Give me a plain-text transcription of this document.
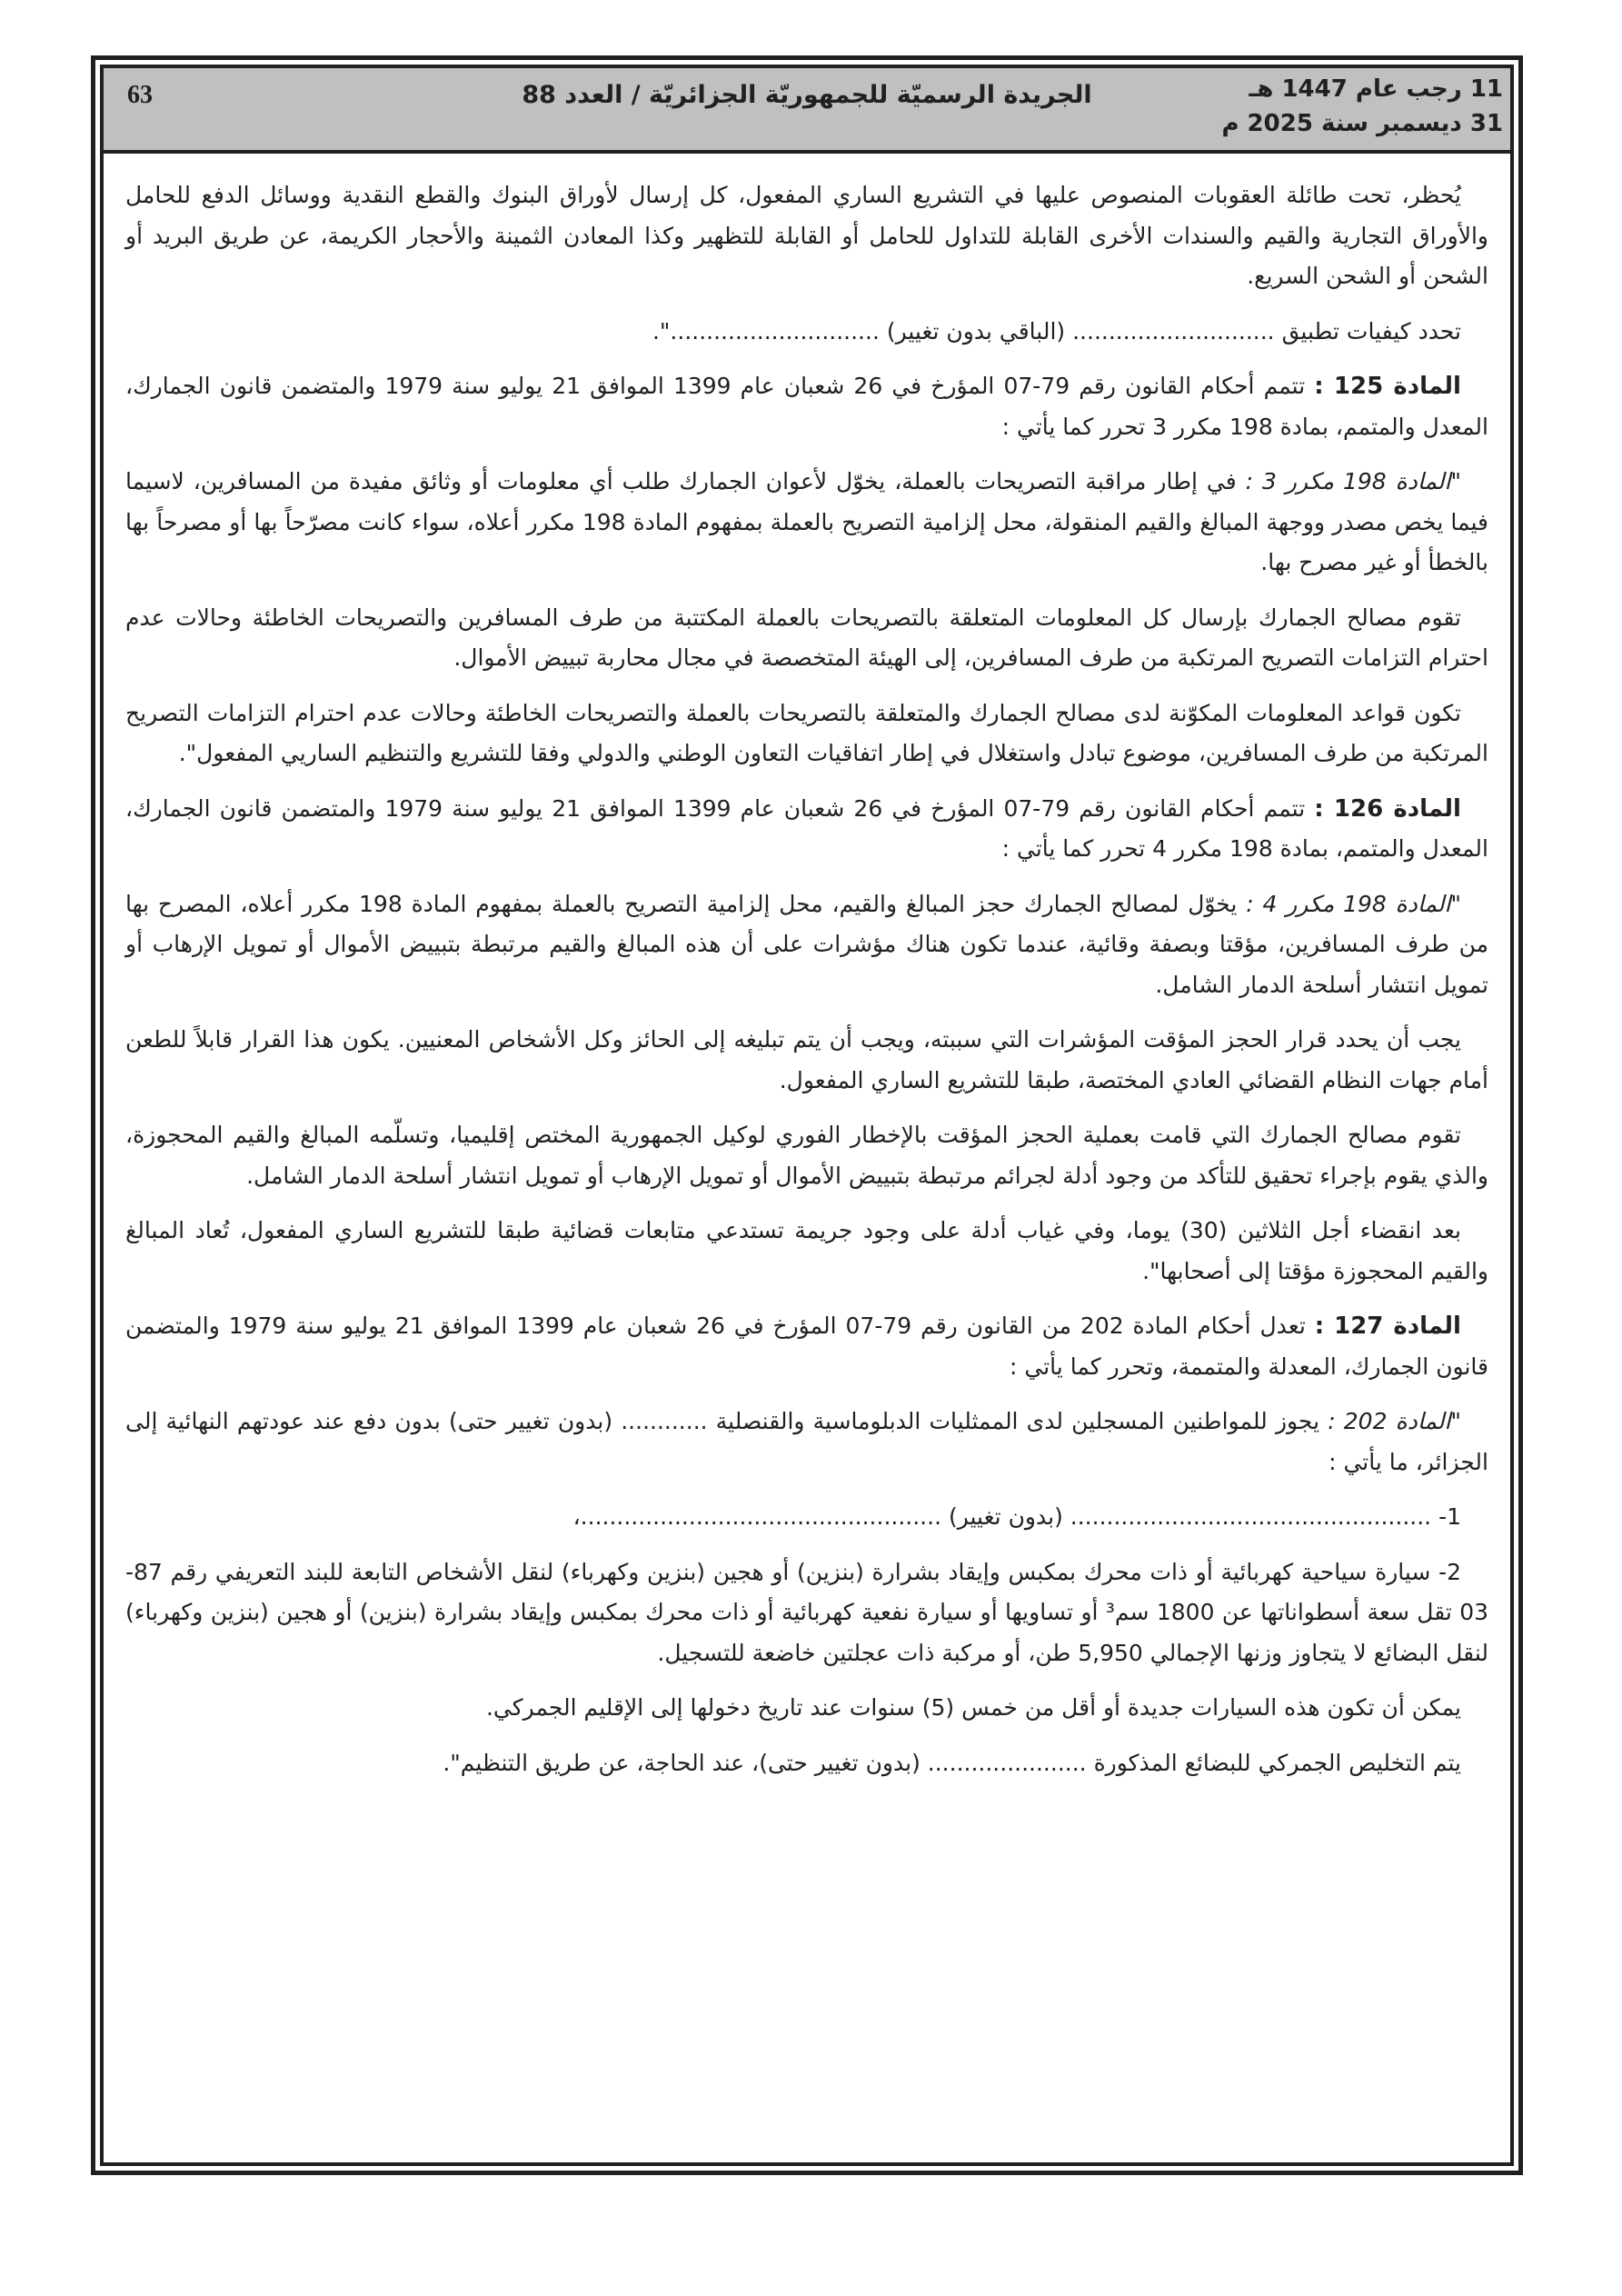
11 رجب عام 1447 هـ
31 ديسمبر سنة 2025 م
الجريدة الرسميّة للجمهوريّة الجزائريّة / العدد 88
63

يُحظر، تحت طائلة العقوبات المنصوص عليها في التشريع الساري المفعول، كل إرسال لأوراق البنوك والقطع النقدية ووسائل الدفع للحامل والأوراق التجارية والقيم والسندات الأخرى القابلة للتداول للحامل أو القابلة للتظهير وكذا المعادن الثمينة والأحجار الكريمة، عن طريق البريد أو الشحن أو الشحن السريع.

تحدد كيفيات تطبيق ............................ (الباقي بدون تغيير) .............................".

المادة 125 : تتمم أحكام القانون رقم 79-07 المؤرخ في 26 شعبان عام 1399 الموافق 21 يوليو سنة 1979 والمتضمن قانون الجمارك، المعدل والمتمم، بمادة 198 مكرر 3 تحرر كما يأتي :

"المادة 198 مكرر 3 : في إطار مراقبة التصريحات بالعملة، يخوّل لأعوان الجمارك طلب أي معلومات أو وثائق مفيدة من المسافرين، لاسيما فيما يخص مصدر ووجهة المبالغ والقيم المنقولة، محل إلزامية التصريح بالعملة بمفهوم المادة 198 مكرر أعلاه، سواء كانت مصرّحاً بها أو مصرحاً بها بالخطأ أو غير مصرح بها.

تقوم مصالح الجمارك بإرسال كل المعلومات المتعلقة بالتصريحات بالعملة المكتتبة من طرف المسافرين والتصريحات الخاطئة وحالات عدم احترام التزامات التصريح المرتكبة من طرف المسافرين، إلى الهيئة المتخصصة في مجال محاربة تبييض الأموال.

تكون قواعد المعلومات المكوّنة لدى مصالح الجمارك والمتعلقة بالتصريحات بالعملة والتصريحات الخاطئة وحالات عدم احترام التزامات التصريح المرتكبة من طرف المسافرين، موضوع تبادل واستغلال في إطار اتفاقيات التعاون الوطني والدولي وفقا للتشريع والتنظيم الساريي المفعول".

المادة 126 : تتمم أحكام القانون رقم 79-07 المؤرخ في 26 شعبان عام 1399 الموافق 21 يوليو سنة 1979 والمتضمن قانون الجمارك، المعدل والمتمم، بمادة 198 مكرر 4 تحرر كما يأتي :

"المادة 198 مكرر 4 : يخوّل لمصالح الجمارك حجز المبالغ والقيم، محل إلزامية التصريح بالعملة بمفهوم المادة 198 مكرر أعلاه، المصرح بها من طرف المسافرين، مؤقتا وبصفة وقائية، عندما تكون هناك مؤشرات على أن هذه المبالغ والقيم مرتبطة بتبييض الأموال أو تمويل الإرهاب أو تمويل انتشار أسلحة الدمار الشامل.

يجب أن يحدد قرار الحجز المؤقت المؤشرات التي سببته، ويجب أن يتم تبليغه إلى الحائز وكل الأشخاص المعنيين. يكون هذا القرار قابلاً للطعن أمام جهات النظام القضائي العادي المختصة، طبقا للتشريع الساري المفعول.

تقوم مصالح الجمارك التي قامت بعملية الحجز المؤقت بالإخطار الفوري لوكيل الجمهورية المختص إقليميا، وتسلّمه المبالغ والقيم المحجوزة، والذي يقوم بإجراء تحقيق للتأكد من وجود أدلة لجرائم مرتبطة بتبييض الأموال أو تمويل الإرهاب أو تمويل انتشار أسلحة الدمار الشامل.

بعد انقضاء أجل الثلاثين (30) يوما، وفي غياب أدلة على وجود جريمة تستدعي متابعات قضائية طبقا للتشريع الساري المفعول، تُعاد المبالغ والقيم المحجوزة مؤقتا إلى أصحابها".

المادة 127 : تعدل أحكام المادة 202 من القانون رقم 79-07 المؤرخ في 26 شعبان عام 1399 الموافق 21 يوليو سنة 1979 والمتضمن قانون الجمارك، المعدلة والمتممة، وتحرر كما يأتي :

"المادة 202 : يجوز للمواطنين المسجلين لدى الممثليات الدبلوماسية والقنصلية ............ (بدون تغيير حتى) بدون دفع عند عودتهم النهائية إلى الجزائر، ما يأتي :

1- .................................................. (بدون تغيير) ..................................................،

2- سيارة سياحية كهربائية أو ذات محرك بمكبس وإيقاد بشرارة (بنزين) أو هجين (بنزين وكهرباء) لنقل الأشخاص التابعة للبند التعريفي رقم 87-03 تقل سعة أسطواناتها عن 1800 سم³ أو تساويها أو سيارة نفعية كهربائية أو ذات محرك بمكبس وإيقاد بشرارة (بنزين) أو هجين (بنزين وكهرباء) لنقل البضائع لا يتجاوز وزنها الإجمالي 5,950 طن، أو مركبة ذات عجلتين خاضعة للتسجيل.

يمكن أن تكون هذه السيارات جديدة أو أقل من خمس (5) سنوات عند تاريخ دخولها إلى الإقليم الجمركي.

يتم التخليص الجمركي للبضائع المذكورة ...................... (بدون تغيير حتى)، عند الحاجة، عن طريق التنظيم".
